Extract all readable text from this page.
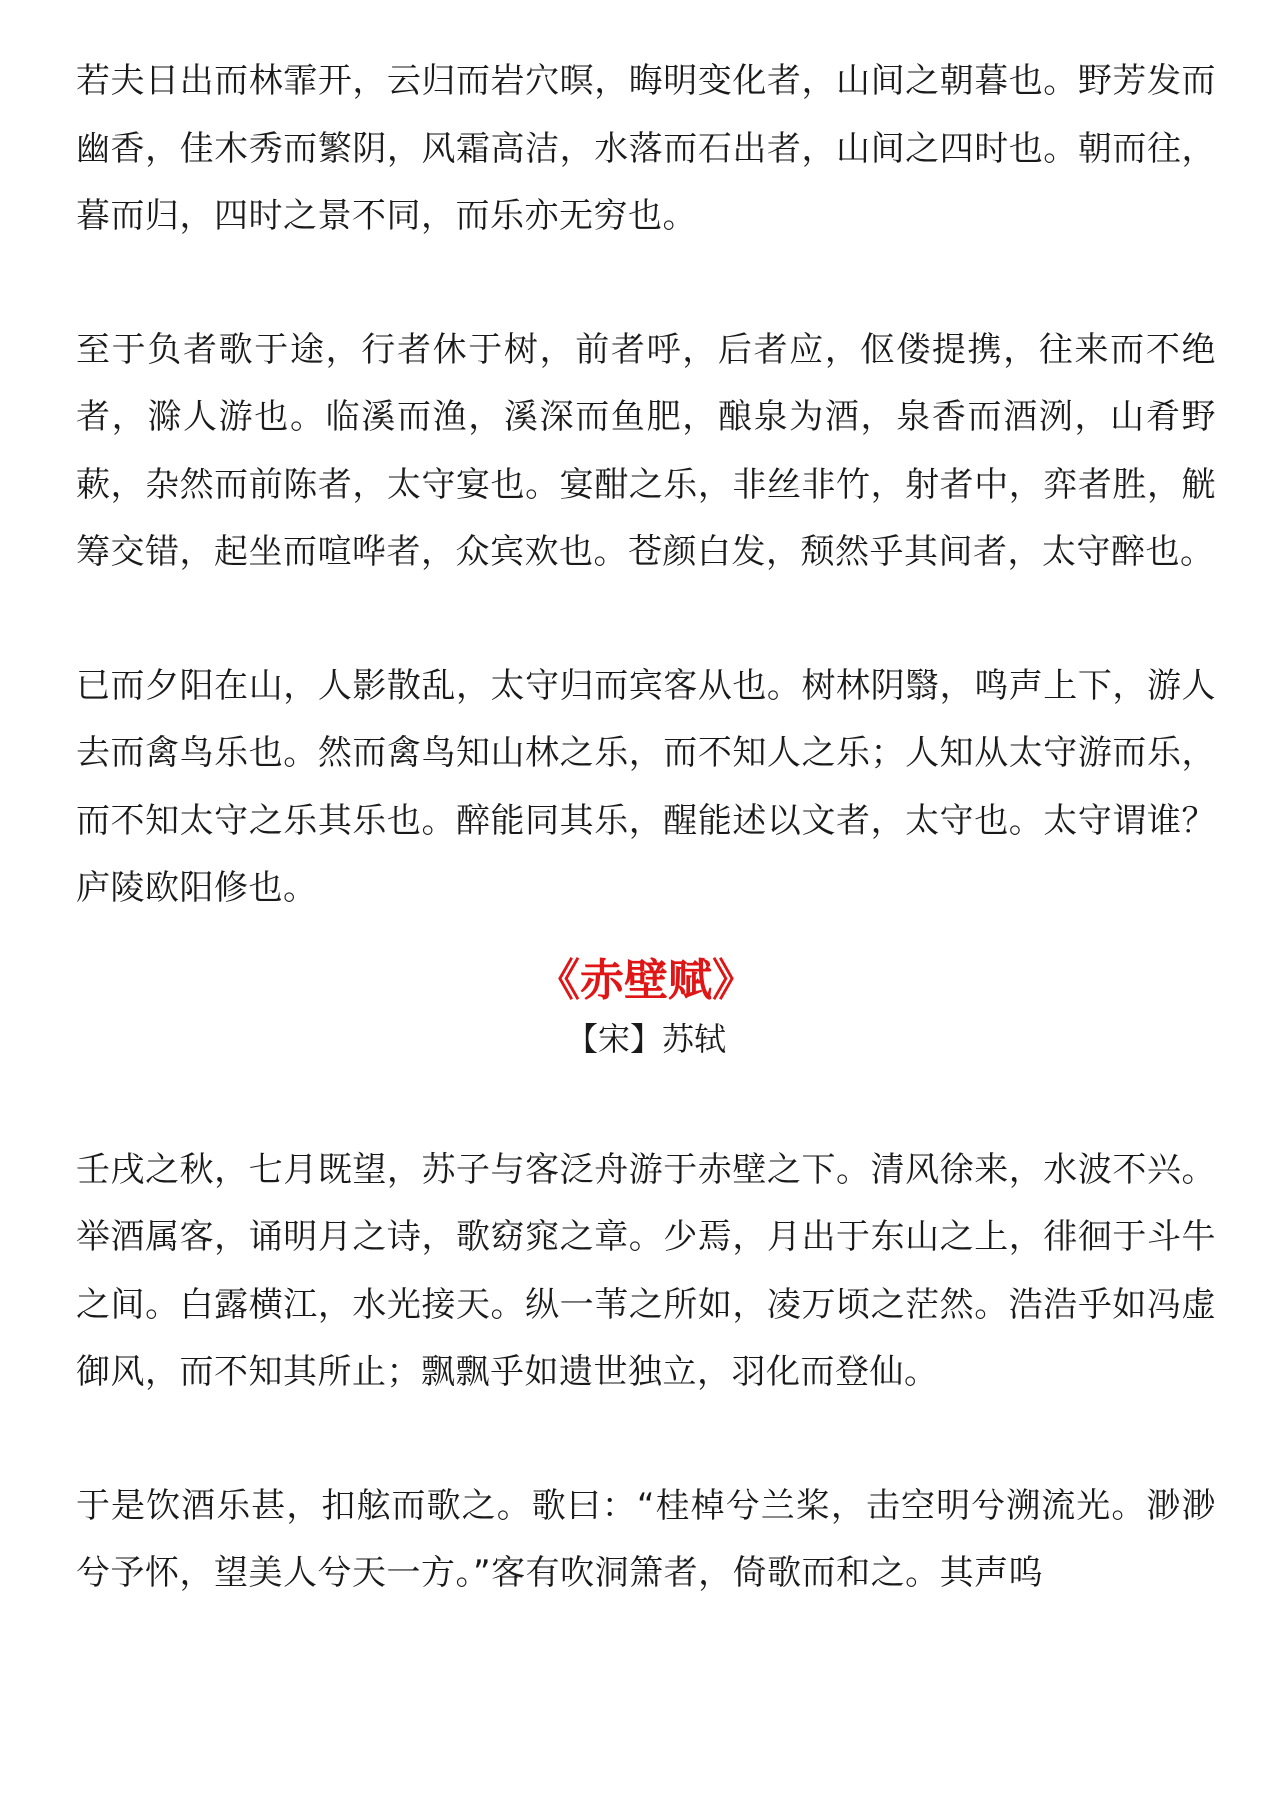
若夫日出而林霏开，云归而岩穴暝，晦明变化者，山间之朝暮也。野芳发而幽香，佳木秀而繁阴，风霜高洁，水落而石出者，山间之四时也。朝而往，暮而归，四时之景不同，而乐亦无穷也。

至于负者歌于途，行者休于树，前者呼，后者应，伛偻提携，往来而不绝者，滁人游也。临溪而渔，溪深而鱼肥，酿泉为酒，泉香而酒洌，山肴野蔌，杂然而前陈者，太守宴也。宴酣之乐，非丝非竹，射者中，弈者胜，觥筹交错，起坐而喧哗者，众宾欢也。苍颜白发，颓然乎其间者，太守醉也。

已而夕阳在山，人影散乱，太守归而宾客从也。树林阴翳，鸣声上下，游人去而禽鸟乐也。然而禽鸟知山林之乐，而不知人之乐；人知从太守游而乐，而不知太守之乐其乐也。醉能同其乐，醒能述以文者，太守也。太守谓谁？庐陵欧阳修也。

《赤壁赋》

【宋】苏轼

壬戌之秋，七月既望，苏子与客泛舟游于赤壁之下。清风徐来，水波不兴。举酒属客，诵明月之诗，歌窈窕之章。少焉，月出于东山之上，徘徊于斗牛之间。白露横江，水光接天。纵一苇之所如，凌万顷之茫然。浩浩乎如冯虚御风，而不知其所止；飘飘乎如遗世独立，羽化而登仙。

于是饮酒乐甚，扣舷而歌之。歌曰：“桂棹兮兰桨，击空明兮溯流光。渺渺兮予怀，望美人兮天一方。”客有吹洞箫者，倚歌而和之。其声呜
